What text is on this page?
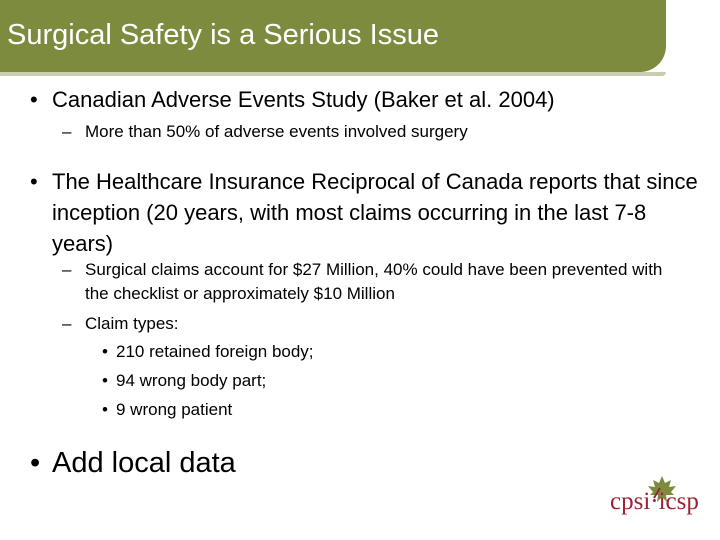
Surgical Safety is a Serious Issue
• Canadian Adverse Events Study (Baker et al. 2004)
– More than 50% of adverse events involved surgery
• The Healthcare Insurance Reciprocal of Canada reports that since inception (20 years, with most claims occurring in the last 7-8 years)
– Surgical claims account for $27 Million, 40% could have been prevented with the checklist or approximately $10 Million
– Claim types:
• 210 retained foreign body;
• 94 wrong body part;
• 9 wrong patient
• Add local data
cpsi·icsp
